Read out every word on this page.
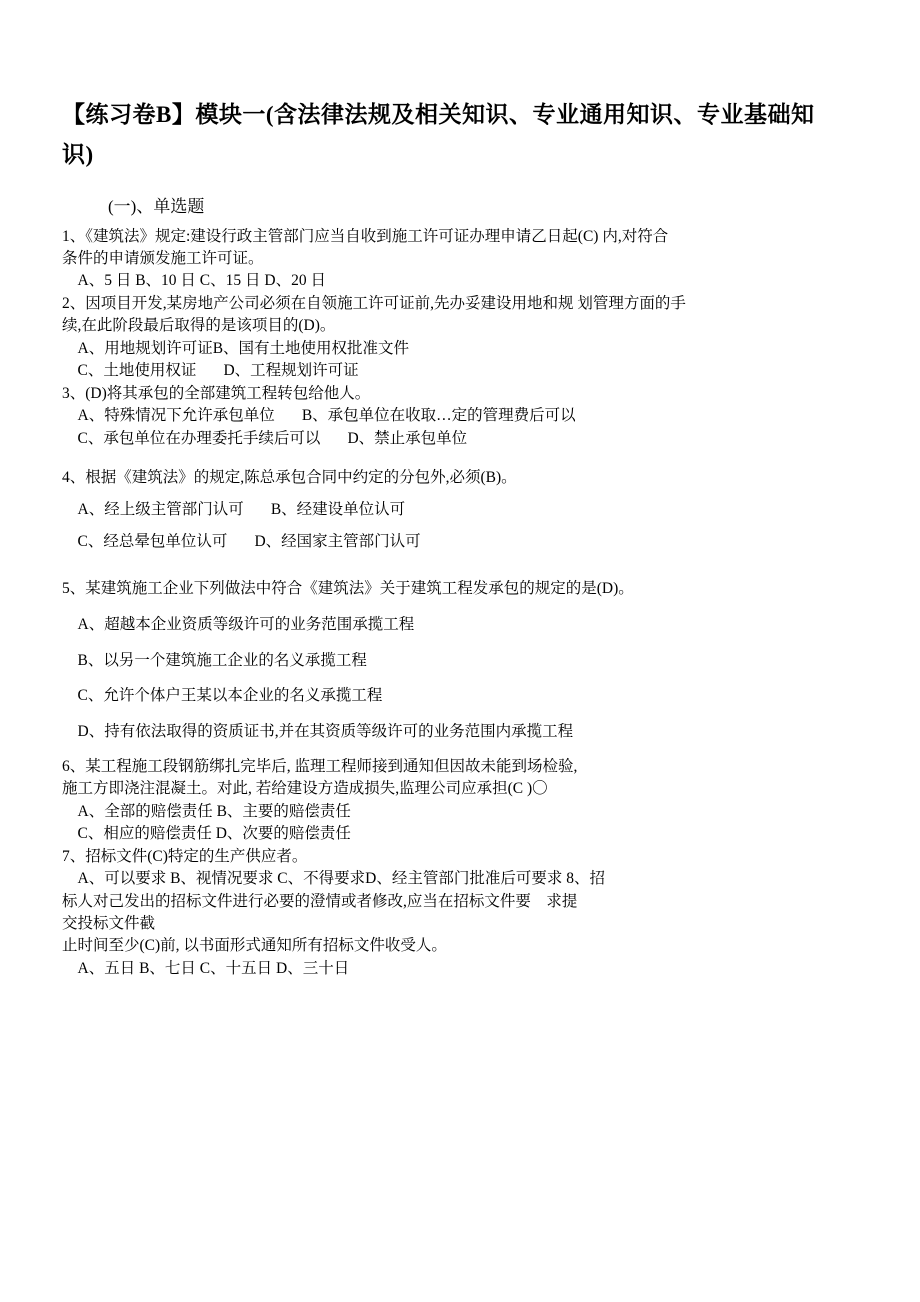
【练习卷B】模块一(含法律法规及相关知识、专业通用知识、专业基础知识)
(一)、单选题
1、《建筑法》规定:建设行政主管部门应当自收到施工许可证办理申请乙日起(C) 内,对符合
条件的申请颁发施工许可证。
A、5 日 B、10 日 C、15 日 D、20 日
2、因项目开发,某房地产公司必须在自领施工许可证前,先办妥建设用地和规 划管理方面的手
续,在此阶段最后取得的是该项目的(D)。
A、用地规划许可证B、国有土地使用权批准文件
C、土地使用权证       D、工程规划许可证
3、(D)将其承包的全部建筑工程转包给他人。
A、特殊情况下允许承包单位       B、承包单位在收取…定的管理费后可以
C、承包单位在办理委托手续后可以       D、禁止承包单位
4、根据《建筑法》的规定,陈总承包合同中约定的分包外,必须(B)。
A、经上级主管部门认可       B、经建设单位认可
C、经总晕包单位认可       D、经国家主管部门认可
5、某建筑施工企业下列做法中符合《建筑法》关于建筑工程发承包的规定的是(D)。
A、超越本企业资质等级许可的业务范围承揽工程
B、以另一个建筑施工企业的名义承揽工程
C、允许个体户王某以本企业的名义承揽工程
D、持有依法取得的资质证书,并在其资质等级许可的业务范围内承揽工程
6、某工程施工段钢筋绑扎完毕后, 监理工程师接到通知但因故未能到场检验,
施工方即浇注混凝土。对此, 若给建设方造成损失,监理公司应承担(C )〇
A、全部的赔偿责任 B、主要的赔偿责任
C、相应的赔偿责任 D、次要的赔偿责任
7、招标文件(C)特定的生产供应者。
A、可以要求 B、视情况要求 C、不得要求D、经主管部门批准后可要求 8、招
标人对己发出的招标文件进行必要的澄情或者修改,应当在招标文件要    求提
交投标文件截
止时间至少(C)前, 以书面形式通知所有招标文件收受人。
A、五日 B、七日 C、十五日 D、三十日
